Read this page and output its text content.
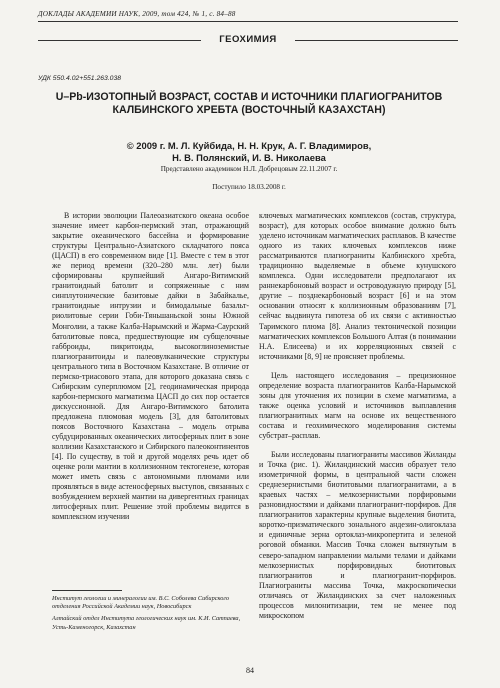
ДОКЛАДЫ АКАДЕМИИ НАУК, 2009, том 424, № 1, с. 84–88
ГЕОХИМИЯ
УДК 550.4.02+551.263.038
U–Pb-ИЗОТОПНЫЙ ВОЗРАСТ, СОСТАВ И ИСТОЧНИКИ ПЛАГИОГРАНИТОВ КАЛБИНСКОГО ХРЕБТА (ВОСТОЧНЫЙ КАЗАХСТАН)
© 2009 г. М. Л. Куйбида, Н. Н. Крук, А. Г. Владимиров,
Н. В. Полянский, И. В. Николаева
Представлено академиком Н.Л. Добрецовым 22.11.2007 г.
Поступило 18.03.2008 г.

В истории эволюции Палеоазиатского океана особое значение имеет карбон-пермский этап, отражающий закрытие океанического бассейна и формирование структуры Центрально-Азиатского складчатого пояса (ЦАСП) в его современном виде [1]. Вместе с тем в этот же период времени (320–280 млн. лет) были сформированы крупнейший Ангаро-Витимский гранитоидный батолит и сопряженные с ним синплутонические базитовые дайки в Забайкалье, гранитоидные интрузии и бимодальные базальт-риолитовые серии Гоби-Тяньшаньской зоны Южной Монголии, а также Калба-Нарымский и Жарма-Саурский батолитовые пояса, предшествующие им субщелочные габброиды, пикритоиды, высокоглиноземистые плагиогранитоиды и палеовулканические структуры центрального типа в Восточном Казахстане. В отличие от пермско-триасового этапа, для которого доказана связь с Сибирским суперплюмом [2], геодинамическая природа карбон-пермского магматизма ЦАСП до сих пор остается дискуссионной. Для Ангаро-Витимского батолита предложена плюмовая модель [3], для батолитовых поясов Восточного Казахстана – модель отрыва субдуцированных океанических литосферных плит в зоне коллизии Казахстанского и Сибирского палеоконтинентов [4]. По существу, в той и другой моделях речь идет об оценке роли мантии в коллизионном тектогенезе, которая может иметь связь с автономными плюмами или проявляться в виде астеносферных выступов, связанных с возбуждением верхней мантии на дивергентных границах литосферных плит. Решение этой проблемы видится в комплексном изучении

ключевых магматических комплексов (состав, структура, возраст), для которых особое внимание должно быть уделено источникам магматических расплавов. В качестве одного из таких ключевых комплексов ниже рассматриваются плагиограниты Калбинского хребта, традиционно выделяемые в объеме кунушского комплекса. Одни исследователи предполагают их раннекарбоновый возраст и островодужную природу [5], другие – позднекарбоновый возраст [6] и на этом основании относят к коллизионным образованиям [7], сейчас выдвинута гипотеза об их связи с активностью Таримского плюма [8]. Анализ тектонической позиции магматических комплексов Большого Алтая (в понимании Н.А. Елисеева) и их корреляционных связей с источниками [8, 9] не проясняет проблемы.

Цель настоящего исследования – прецизионное определение возраста плагиогранитов Калба-Нарымской зоны для уточнения их позиции в схеме магматизма, а также оценка условий и источников выплавления плагиогранитных магм на основе их вещественного состава и геохимического моделирования системы субстрат–расплав.

Были исследованы плагиограниты массивов Жиланды и Точка (рис. 1). Жиландинский массив образует тело изометричной формы, в центральной части сложен среднезернистыми биотитовыми плагиогранитами, а в краевых частях – мелкозернистыми порфировыми разновидностями и дайками плагиогранит-порфиров. Для плагиогранитов характерны крупные выделения биотита, коротко-призматического зонального андезин-олигоклаза и единичные зерна ортоклаз-микропертита и зеленой роговой обманки. Массив Точка сложен вытянутым в северо-западном направлении малыми телами и дайками мелкозернистых порфировидных биотитовых плагиогранитов и плагиогранит-порфиров. Плагиограниты массива Точка, макроскопически отличаясь от Жиландинских за счет наложенных процессов милонитизации, тем не менее под микроскопом

Институт геологии и минералогии им. В.С. Соболева Сибирского отделения Российской Академии наук, Новосибирск
Алтайский отдел Института геологических наук им. К.И. Сатпаева, Усть-Каменогорск, Казахстан
84
